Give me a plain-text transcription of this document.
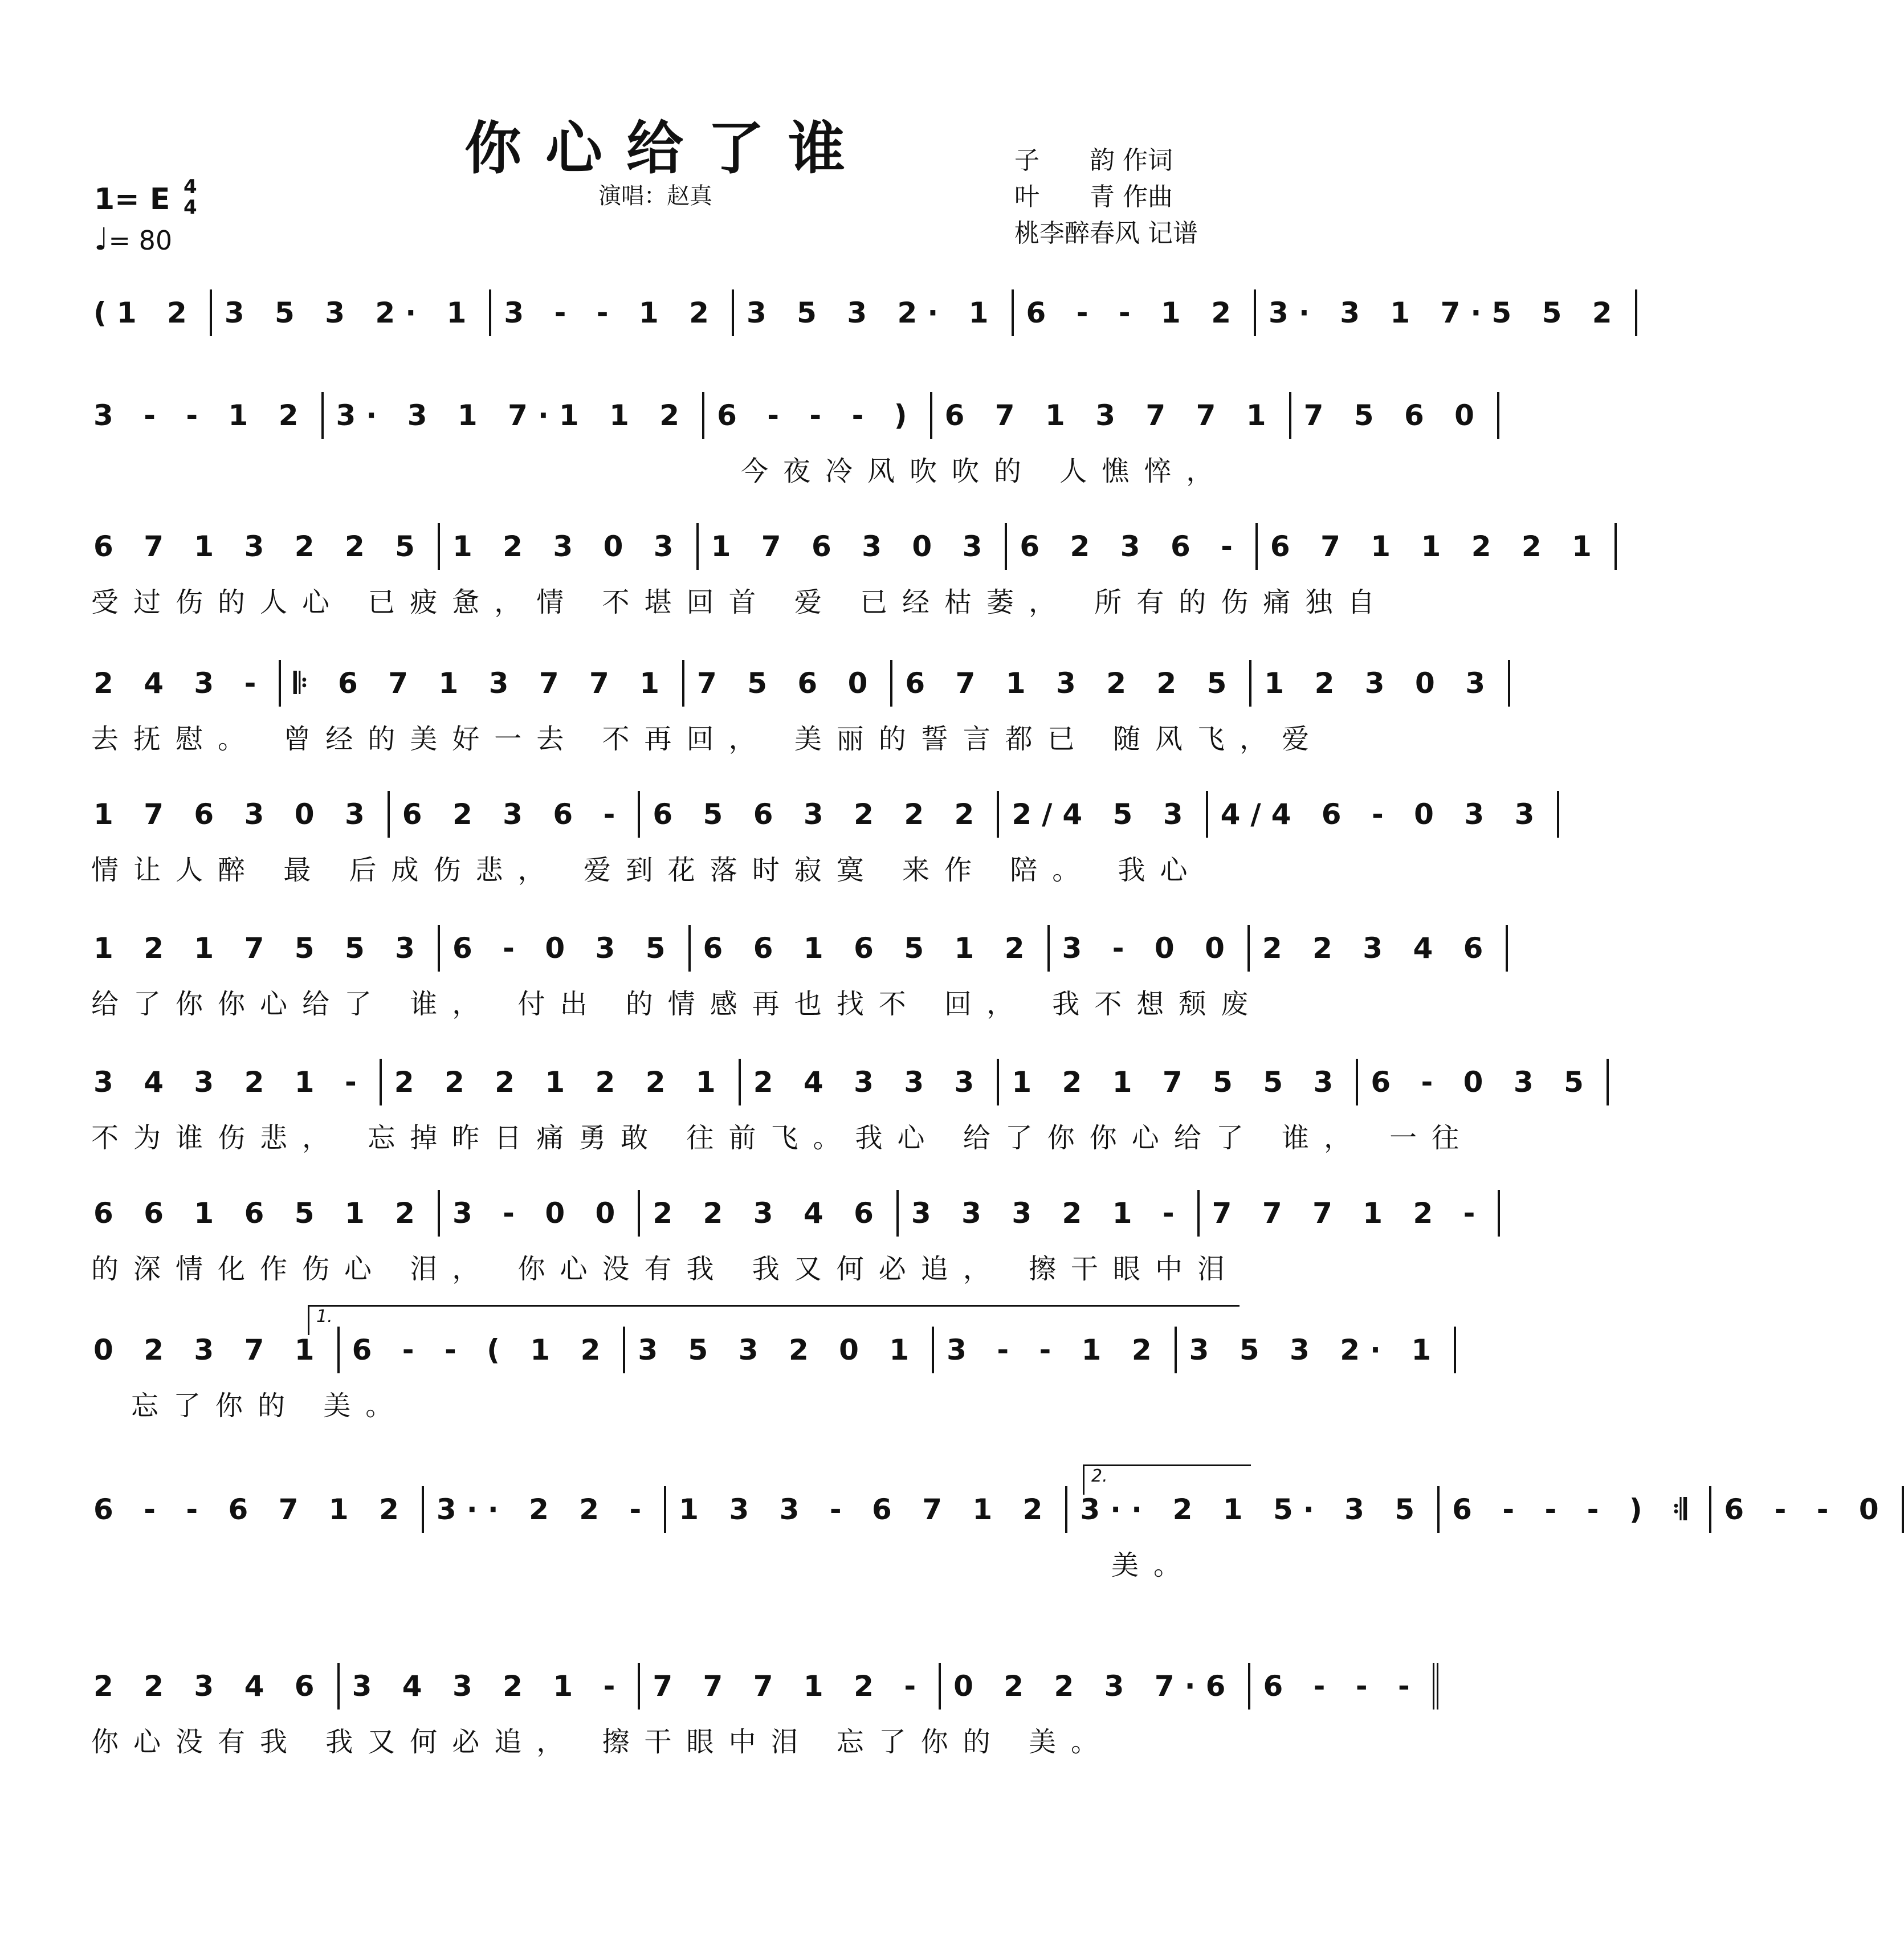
你心给了谁
演唱：赵真
子　　韵 作词
叶　　青 作曲
桃李醉春风 记谱
1= E 4
4
♩= 80
(1 2 3 5 3 2· 1 3 - - 1 2 3 5 3 2· 1 6 - - 1 2 3· 3 1 7·5 5 2
3 - - 1 2 3· 3 1 7·1 1 2 6 - - - ) 6 7 1 3 7 7 1 7 5 6 0
今夜冷风吹吹的 人憔悴，
6 7 1 3 2 2 5 1 2 3 0 3 1 7 6 3 0 3 6 2 3 6 - 6 7 1 1 2 2 1
受过伤的人心 已疲惫，情 不堪回首 爱 已经枯萎， 所有的伤痛独自
2 4 3 - 𝄆 6 7 1 3 7 7 1 7 5 6 0 6 7 1 3 2 2 5 1 2 3 0 3
去抚慰。 曾经的美好一去 不再回， 美丽的誓言都已 随风飞，爱
1 7 6 3 0 3 6 2 3 6 - 6 5 6 3 2 2 2 2/4 5 3 4/4 6 - 0 3 3
情让人醉 最 后成伤悲， 爱到花落时寂寞 来作 陪。 我心
1 2 1 7 5 5 3 6 - 0 3 5 6 6 1 6 5 1 2 3 - 0 0 2 2 3 4 6
给了你你心给了 谁， 付出 的情感再也找不 回， 我不想颓废
3 4 3 2 1 - 2 2 2 1 2 2 1 2 4 3 3 3 1 2 1 7 5 5 3 6 - 0 3 5
不为谁伤悲， 忘掉昨日痛勇敢 往前飞。我心 给了你你心给了 谁， 一往
6 6 1 6 5 1 2 3 - 0 0 2 2 3 4 6 3 3 3 2 1 - 7 7 7 1 2 -
的深情化作伤心 泪， 你心没有我 我又何必追， 擦干眼中泪
0 2 3 7 1 6 - - ( 1 2 3 5 3 2 0 1 3 - - 1 2 3 5 3 2· 1
忘了你的 美。
1.
6 - - 6 7 1 2 3·· 2 2 - 1 3 3 - 6 7 1 2 3·· 2 1 5· 3 5 6 - - - ) 𝄇 6 - - 0
美。
2.
2 2 3 4 6 3 4 3 2 1 - 7 7 7 1 2 - 0 2 2 3 7·6 6 - - -
你心没有我 我又何必追， 擦干眼中泪 忘了你的 美。
